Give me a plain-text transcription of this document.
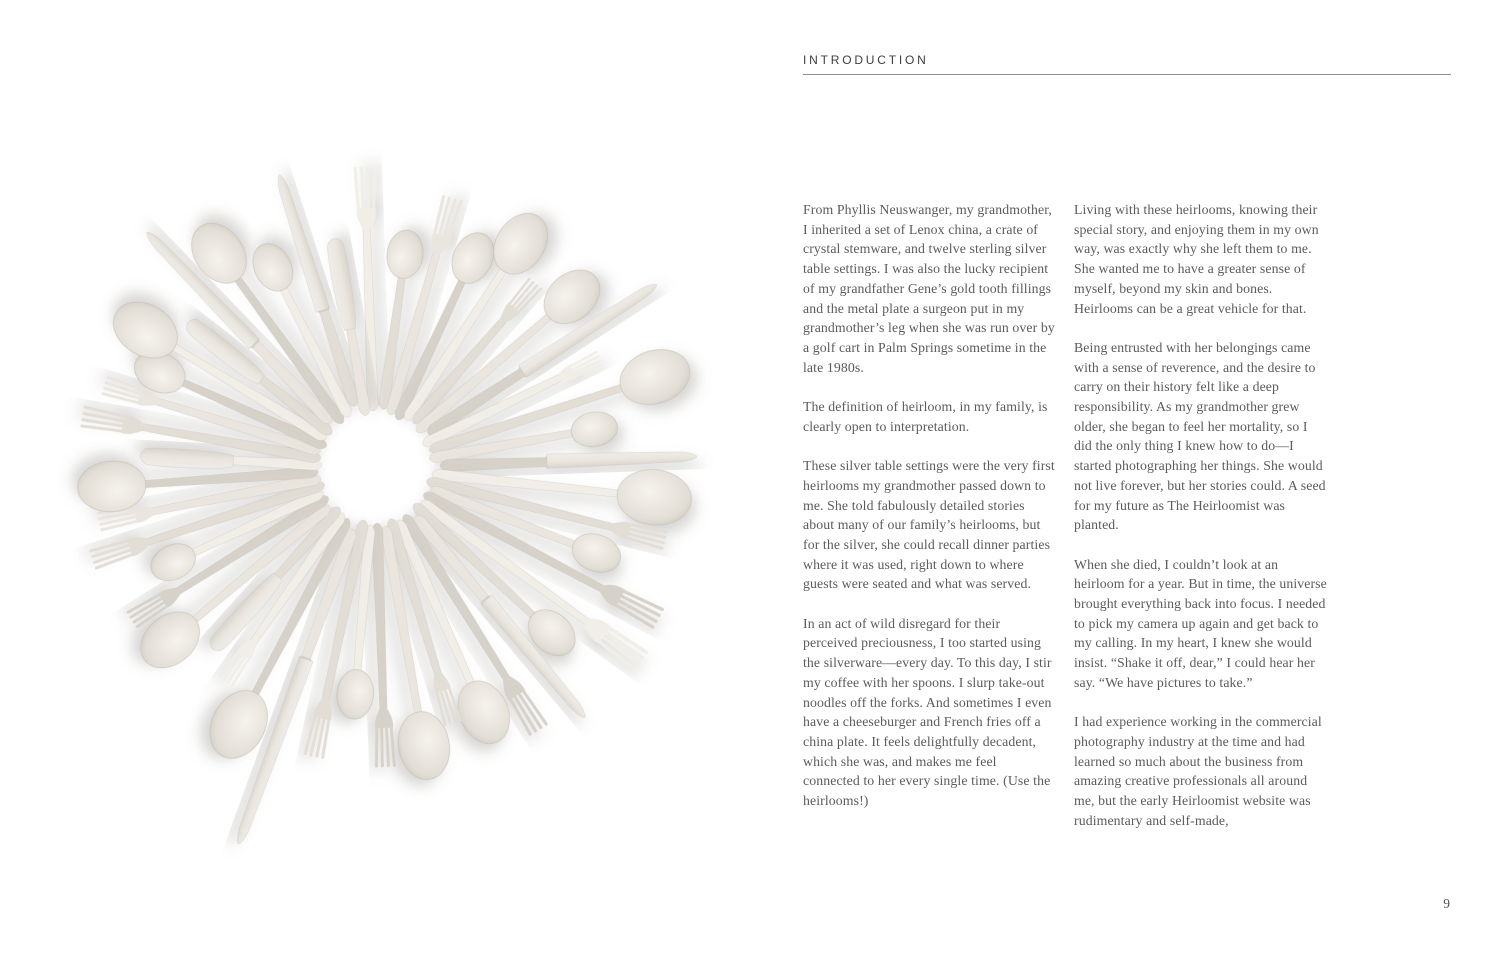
INTRODUCTION

From Phyllis Neuswanger, my grandmother, I inherited a set of Lenox china, a crate of crystal stemware, and twelve sterling silver table settings. I was also the lucky recipient of my grandfather Gene’s gold tooth fillings and the metal plate a surgeon put in my grandmother’s leg when she was run over by a golf cart in Palm Springs sometime in the late 1980s.

The definition of heirloom, in my family, is clearly open to interpretation.

These silver table settings were the very first heirlooms my grandmother passed down to me. She told fabulously detailed stories about many of our family’s heirlooms, but for the silver, she could recall dinner parties where it was used, right down to where guests were seated and what was served.

In an act of wild disregard for their perceived preciousness, I too started using the silverware—every day. To this day, I stir my coffee with her spoons. I slurp take-out noodles off the forks. And sometimes I even have a cheeseburger and French fries off a china plate. It feels delightfully decadent, which she was, and makes me feel connected to her every single time. (Use the heirlooms!)

Living with these heirlooms, knowing their special story, and enjoying them in my own way, was exactly why she left them to me. She wanted me to have a greater sense of myself, beyond my skin and bones. Heirlooms can be a great vehicle for that.

Being entrusted with her belongings came with a sense of reverence, and the desire to carry on their history felt like a deep responsibility. As my grandmother grew older, she began to feel her mortality, so I did the only thing I knew how to do—I started photographing her things. She would not live forever, but her stories could. A seed for my future as The Heirloomist was planted.

When she died, I couldn’t look at an heirloom for a year. But in time, the universe brought everything back into focus. I needed to pick my camera up again and get back to my calling. In my heart, I knew she would insist. “Shake it off, dear,” I could hear her say. “We have pictures to take.”

I had experience working in the commercial photography industry at the time and had learned so much about the business from amazing creative professionals all around me, but the early Heirloomist website was rudimentary and self-made,

9
